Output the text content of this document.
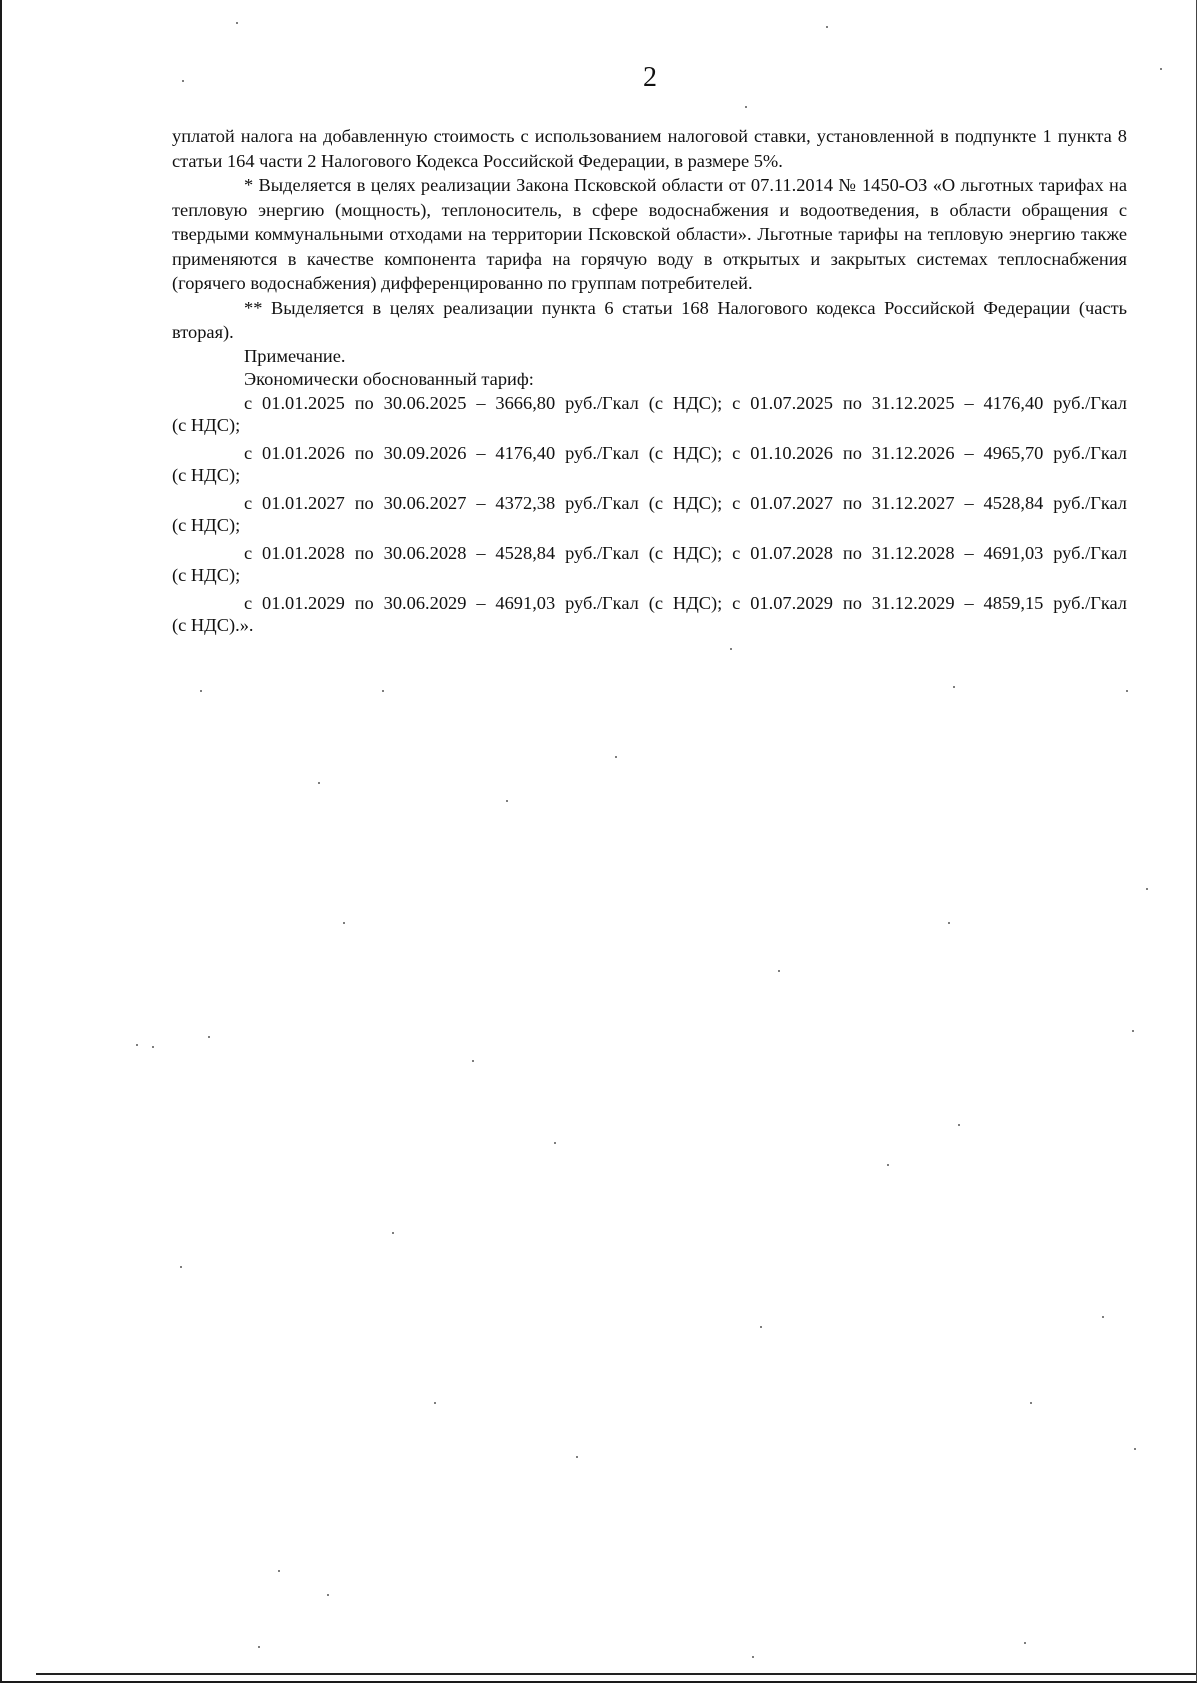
2

уплатой налога на добавленную стоимость с использованием налоговой ставки, установленной в подпункте 1 пункта 8 статьи 164 части 2 Налогового Кодекса Российской Федерации, в размере 5%.

* Выделяется в целях реализации Закона Псковской области от 07.11.2014 № 1450-ОЗ «О льготных тарифах на тепловую энергию (мощность), теплоноситель, в сфере водоснабжения и водоотведения, в области обращения с твердыми коммунальными отходами на территории Псковской области». Льготные тарифы на тепловую энергию также применяются в качестве компонента тарифа на горячую воду в открытых и закрытых системах теплоснабжения (горячего водоснабжения) дифференцированно по группам потребителей.

** Выделяется в целях реализации пункта 6 статьи 168 Налогового кодекса Российской Федерации (часть вторая).

Примечание.

Экономически обоснованный тариф:

с 01.01.2025 по 30.06.2025 – 3666,80 руб./Гкал (с НДС); с 01.07.2025 по 31.12.2025 – 4176,40 руб./Гкал
(с НДС);
с 01.01.2026 по 30.09.2026 – 4176,40 руб./Гкал (с НДС); с 01.10.2026 по 31.12.2026 – 4965,70 руб./Гкал
(с НДС);
с 01.01.2027 по 30.06.2027 – 4372,38 руб./Гкал (с НДС); с 01.07.2027 по 31.12.2027 – 4528,84 руб./Гкал
(с НДС);
с 01.01.2028 по 30.06.2028 – 4528,84 руб./Гкал (с НДС); с 01.07.2028 по 31.12.2028 – 4691,03 руб./Гкал
(с НДС);
с 01.01.2029 по 30.06.2029 – 4691,03 руб./Гкал (с НДС); с 01.07.2029 по 31.12.2029 – 4859,15 руб./Гкал
(с НДС).».
